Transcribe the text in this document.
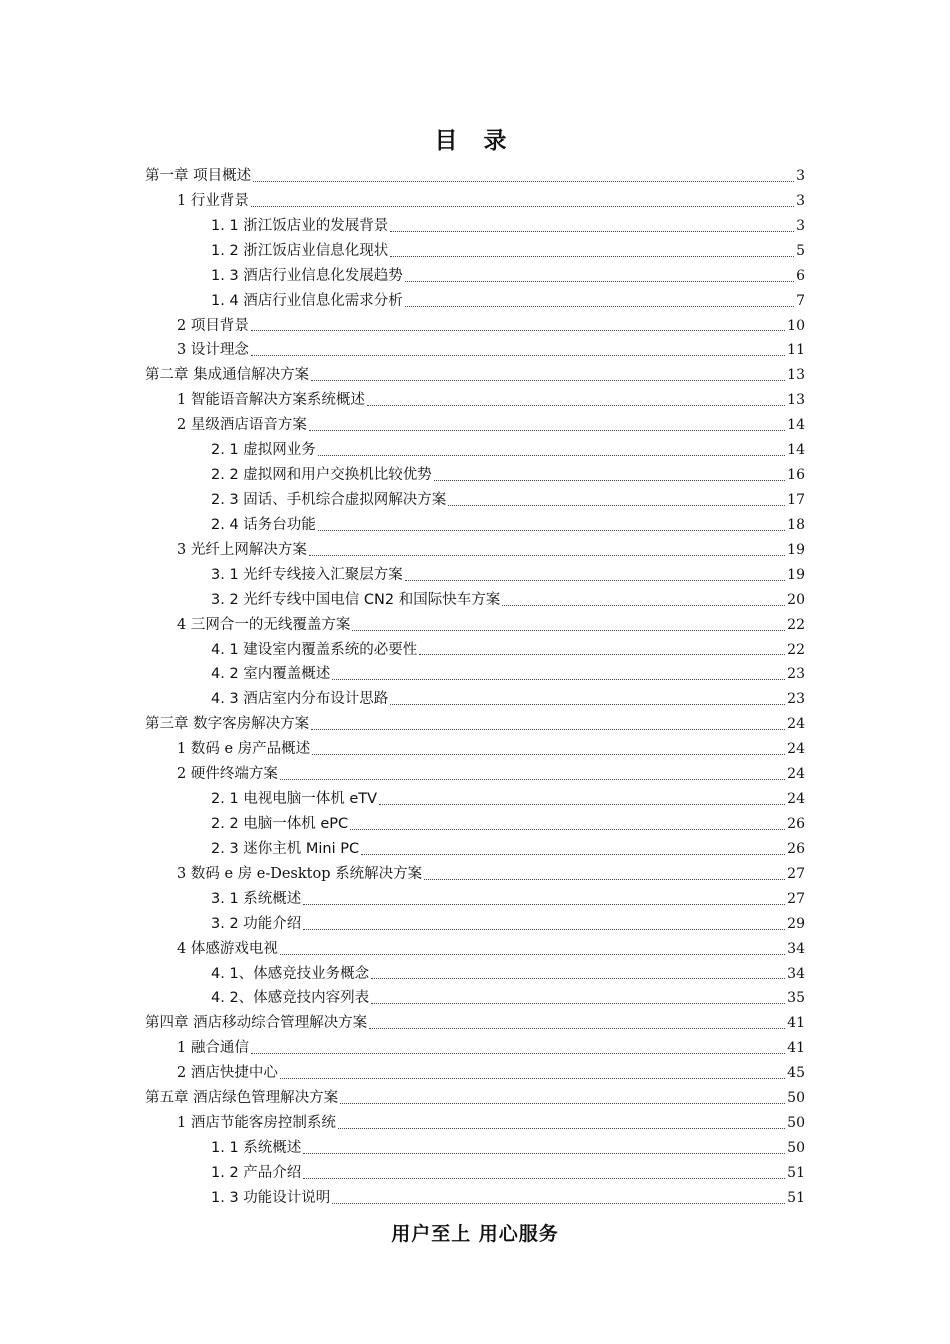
目 录
第一章 项目概述	3
1 行业背景	3
1. 1 浙江饭店业的发展背景	3
1. 2 浙江饭店业信息化现状	5
1. 3 酒店行业信息化发展趋势	6
1. 4 酒店行业信息化需求分析	7
2 项目背景	10
3 设计理念	11
第二章 集成通信解决方案	13
1 智能语音解决方案系统概述	13
2 星级酒店语音方案	14
2. 1 虚拟网业务	14
2. 2 虚拟网和用户交换机比较优势	16
2. 3 固话、手机综合虚拟网解决方案	17
2. 4 话务台功能	18
3 光纤上网解决方案	19
3. 1 光纤专线接入汇聚层方案	19
3. 2 光纤专线中国电信 CN2 和国际快车方案	20
4 三网合一的无线覆盖方案	22
4. 1 建设室内覆盖系统的必要性	22
4. 2 室内覆盖概述	23
4. 3 酒店室内分布设计思路	23
第三章 数字客房解决方案	24
1 数码 e 房产品概述	24
2 硬件终端方案	24
2. 1 电视电脑一体机 eTV	24
2. 2 电脑一体机 ePC	26
2. 3 迷你主机 Mini PC	26
3 数码 e 房 e-Desktop 系统解决方案	27
3. 1 系统概述	27
3. 2 功能介绍	29
4 体感游戏电视	34
4. 1、体感竞技业务概念	34
4. 2、体感竞技内容列表	35
第四章 酒店移动综合管理解决方案	41
1 融合通信	41
2 酒店快捷中心	45
第五章 酒店绿色管理解决方案	50
1 酒店节能客房控制系统	50
1. 1 系统概述	50
1. 2 产品介绍	51
1. 3 功能设计说明	51
用户至上 用心服务
